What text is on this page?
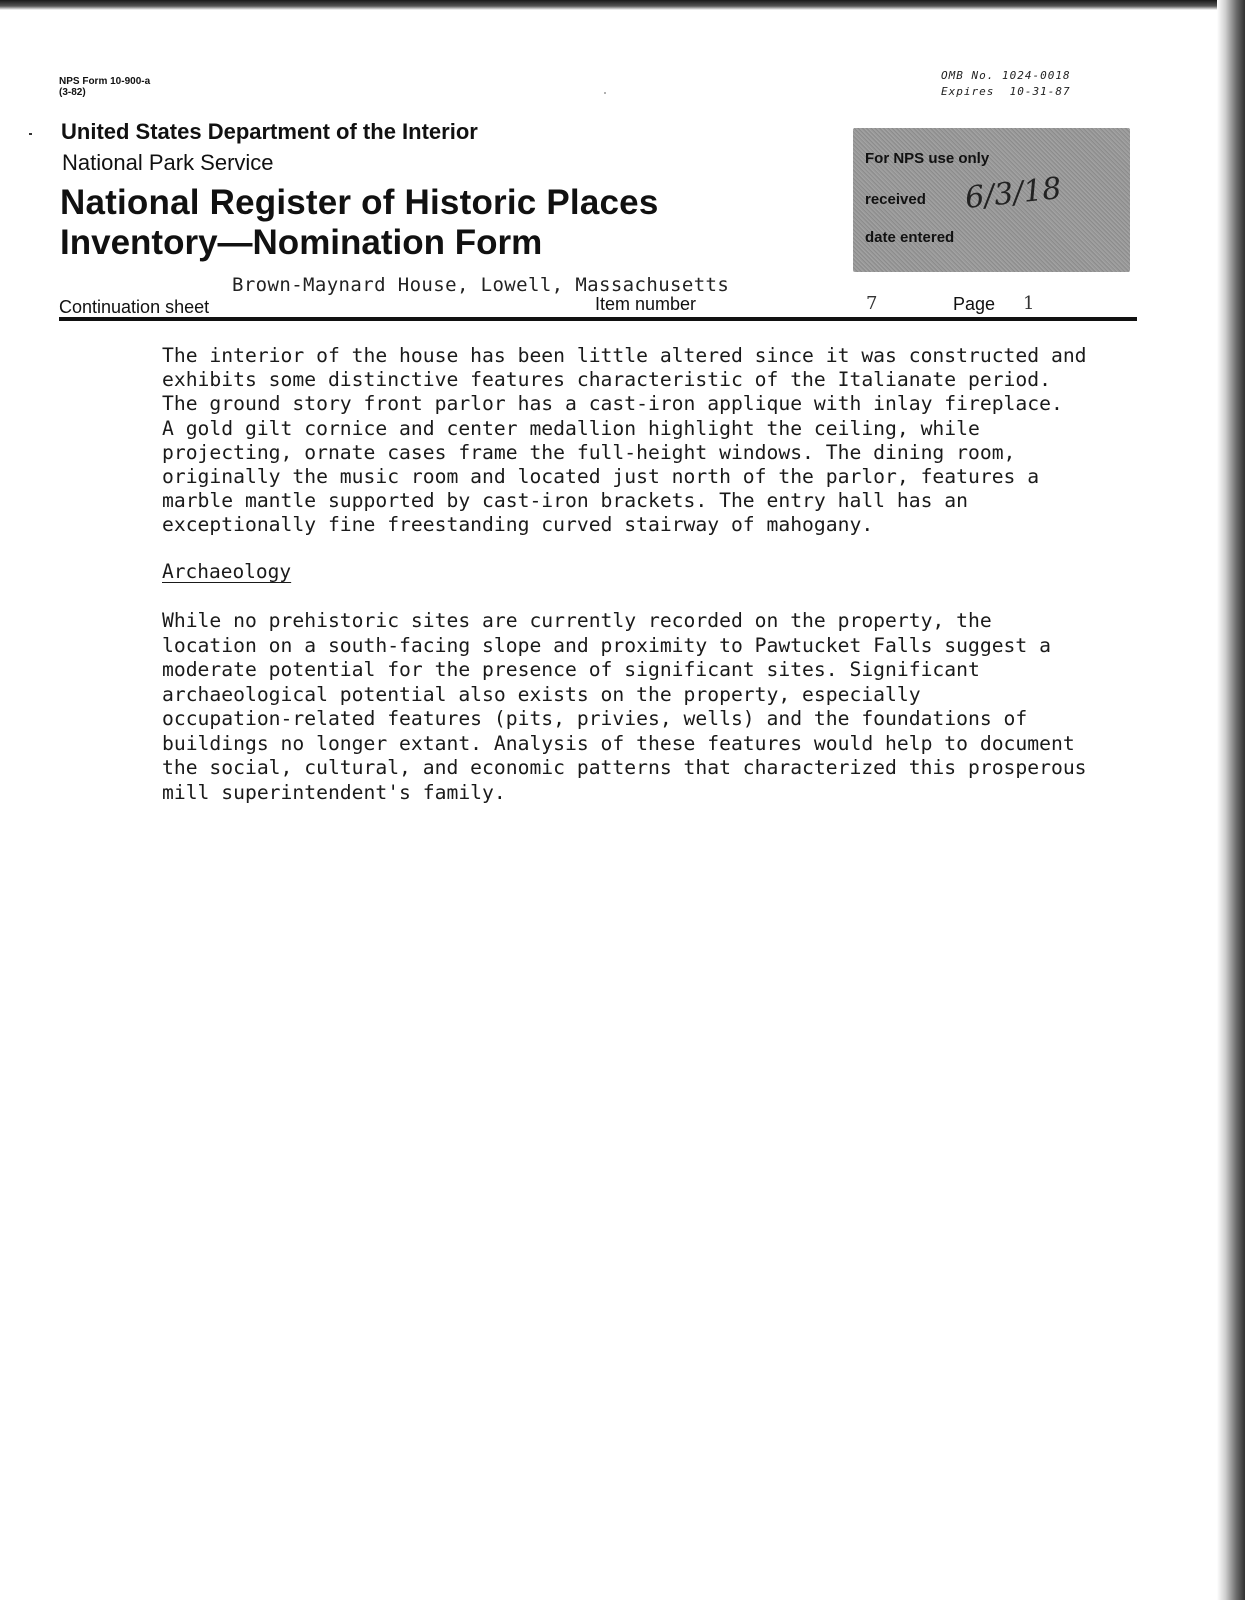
NPS Form 10-900-a
(3-82)
OMB No. 1024-0018
Expires  10-31-87
United States Department of the Interior
National Park Service
National Register of Historic Places
Inventory—Nomination Form
For NPS use only
received
date entered
6/3/18
Brown-Maynard House, Lowell, Massachusetts
Continuation sheet	Item number	7	Page 1

The interior of the house has been little altered since it was constructed and
exhibits some distinctive features characteristic of the Italianate period.
The ground story front parlor has a cast-iron applique with inlay fireplace.
A gold gilt cornice and center medallion highlight the ceiling, while
projecting, ornate cases frame the full-height windows. The dining room,
originally the music room and located just north of the parlor, features a
marble mantle supported by cast-iron brackets. The entry hall has an
exceptionally fine freestanding curved stairway of mahogany.

Archaeology

While no prehistoric sites are currently recorded on the property, the
location on a south-facing slope and proximity to Pawtucket Falls suggest a
moderate potential for the presence of significant sites. Significant
archaeological potential also exists on the property, especially
occupation-related features (pits, privies, wells) and the foundations of
buildings no longer extant. Analysis of these features would help to document
the social, cultural, and economic patterns that characterized this prosperous
mill superintendent's family.
